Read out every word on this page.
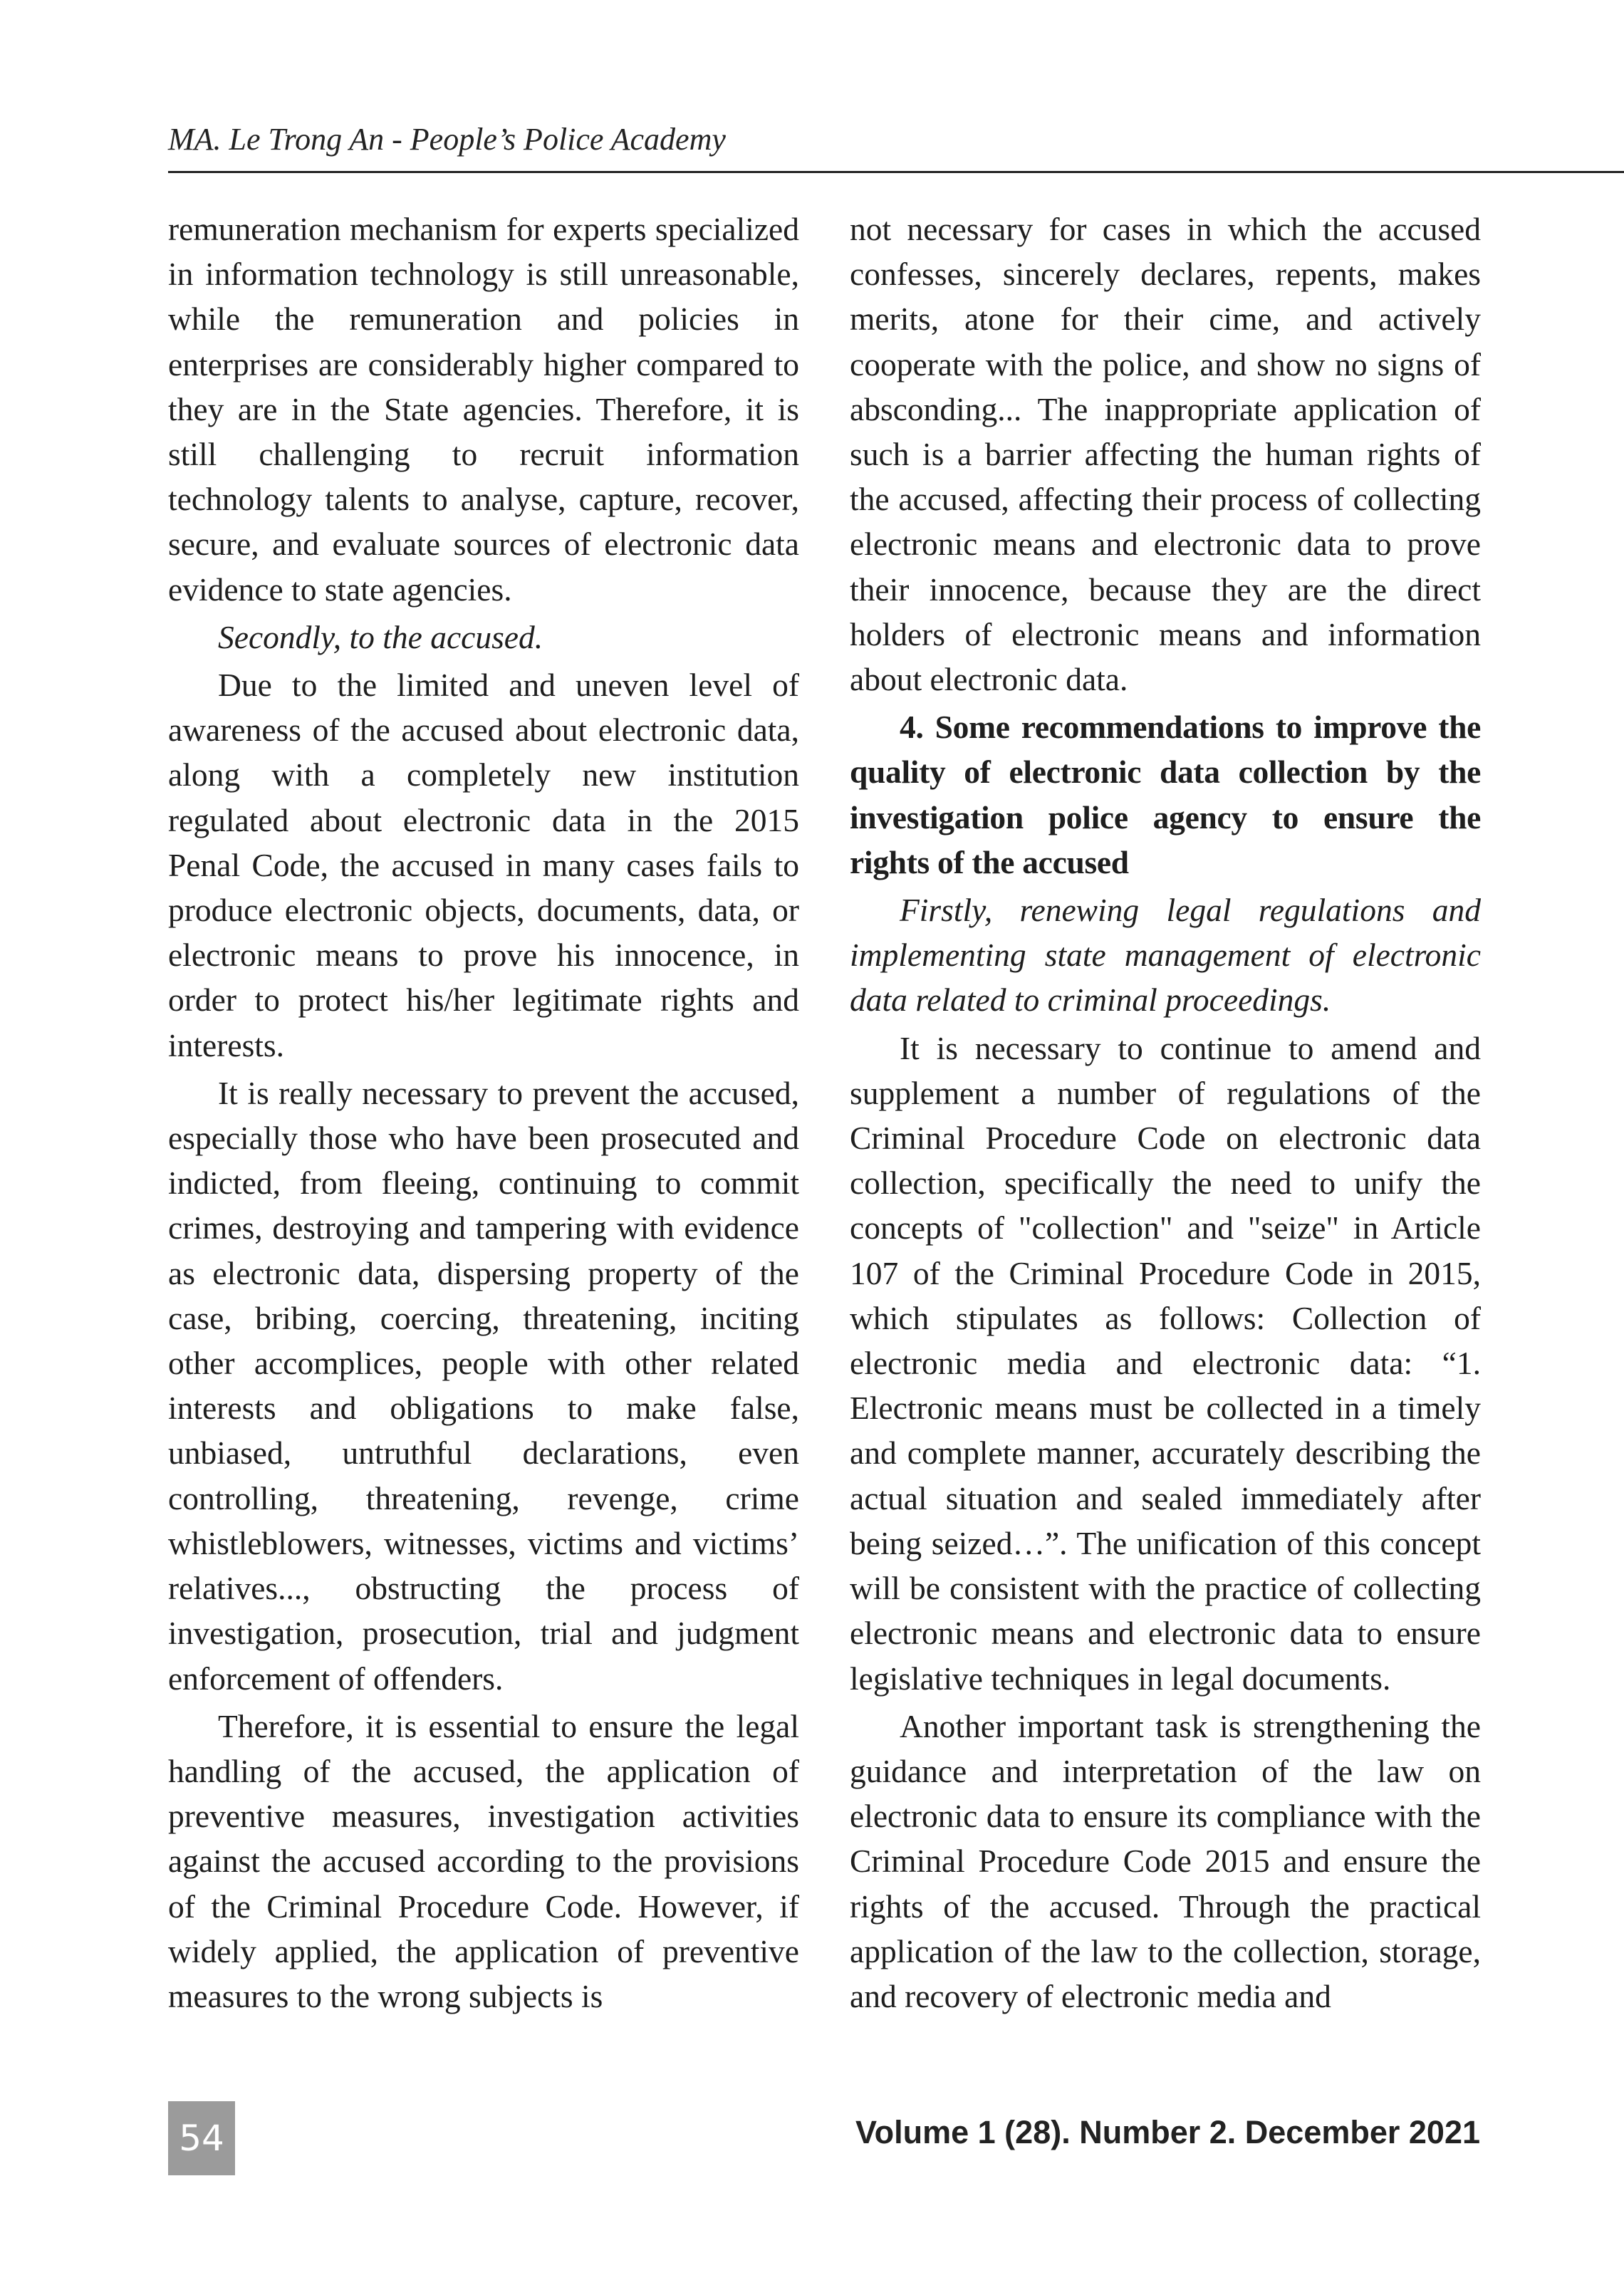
MA. Le Trong An - People’s Police Academy

remuneration mechanism for experts specialized in information technology is still unreasonable, while the remuneration and policies in enterprises are considerably higher compared to they are in the State agencies. Therefore, it is still challenging to recruit information technology talents to analyse, capture, recover, secure, and evaluate sources of electronic data evidence to state agencies.

Secondly, to the accused.

Due to the limited and uneven level of awareness of the accused about electronic data, along with a completely new institution regulated about electronic data in the 2015 Penal Code, the accused in many cases fails to produce electronic objects, documents, data, or electronic means to prove his innocence, in order to protect his/her legitimate rights and interests.

It is really necessary to prevent the accused, especially those who have been prosecuted and indicted, from fleeing, continuing to commit crimes, destroying and tampering with evidence as electronic data, dispersing property of the case, bribing, coercing, threatening, inciting other accomplices, people with other related interests and obligations to make false, unbiased, untruthful declarations, even controlling, threatening, revenge, crime whistleblowers, witnesses, victims and victims’ relatives..., obstructing the process of investigation, prosecution, trial and judgment enforcement of offenders.

Therefore, it is essential to ensure the legal handling of the accused, the application of preventive measures, investigation activities against the accused according to the provisions of the Criminal Procedure Code. However, if widely applied, the application of preventive measures to the wrong subjects is

not necessary for cases in which the accused confesses, sincerely declares, repents, makes merits, atone for their cime, and actively cooperate with the police, and show no signs of absconding... The inappropriate application of such is a barrier affecting the human rights of the accused, affecting their process of collecting electronic means and electronic data to prove their innocence, because they are the direct holders of electronic means and information about electronic data.

4. Some recommendations to improve the quality of electronic data collection by the investigation police agency to ensure the rights of the accused

Firstly, renewing legal regulations and implementing state management of electronic data related to criminal proceedings.

It is necessary to continue to amend and supplement a number of regulations of the Criminal Procedure Code on electronic data collection, specifically the need to unify the concepts of "collection" and "seize" in Article 107 of the Criminal Procedure Code in 2015, which stipulates as follows: Collection of electronic media and electronic data: “1. Electronic means must be collected in a timely and complete manner, accurately describing the actual situation and sealed immediately after being seized…”. The unification of this concept will be consistent with the practice of collecting electronic means and electronic data to ensure legislative techniques in legal documents.

Another important task is strengthening the guidance and interpretation of the law on electronic data to ensure its compliance with the Criminal Procedure Code 2015 and ensure the rights of the accused. Through the practical application of the law to the collection, storage, and recovery of electronic media and

54	Volume 1 (28). Number 2. December 2021
